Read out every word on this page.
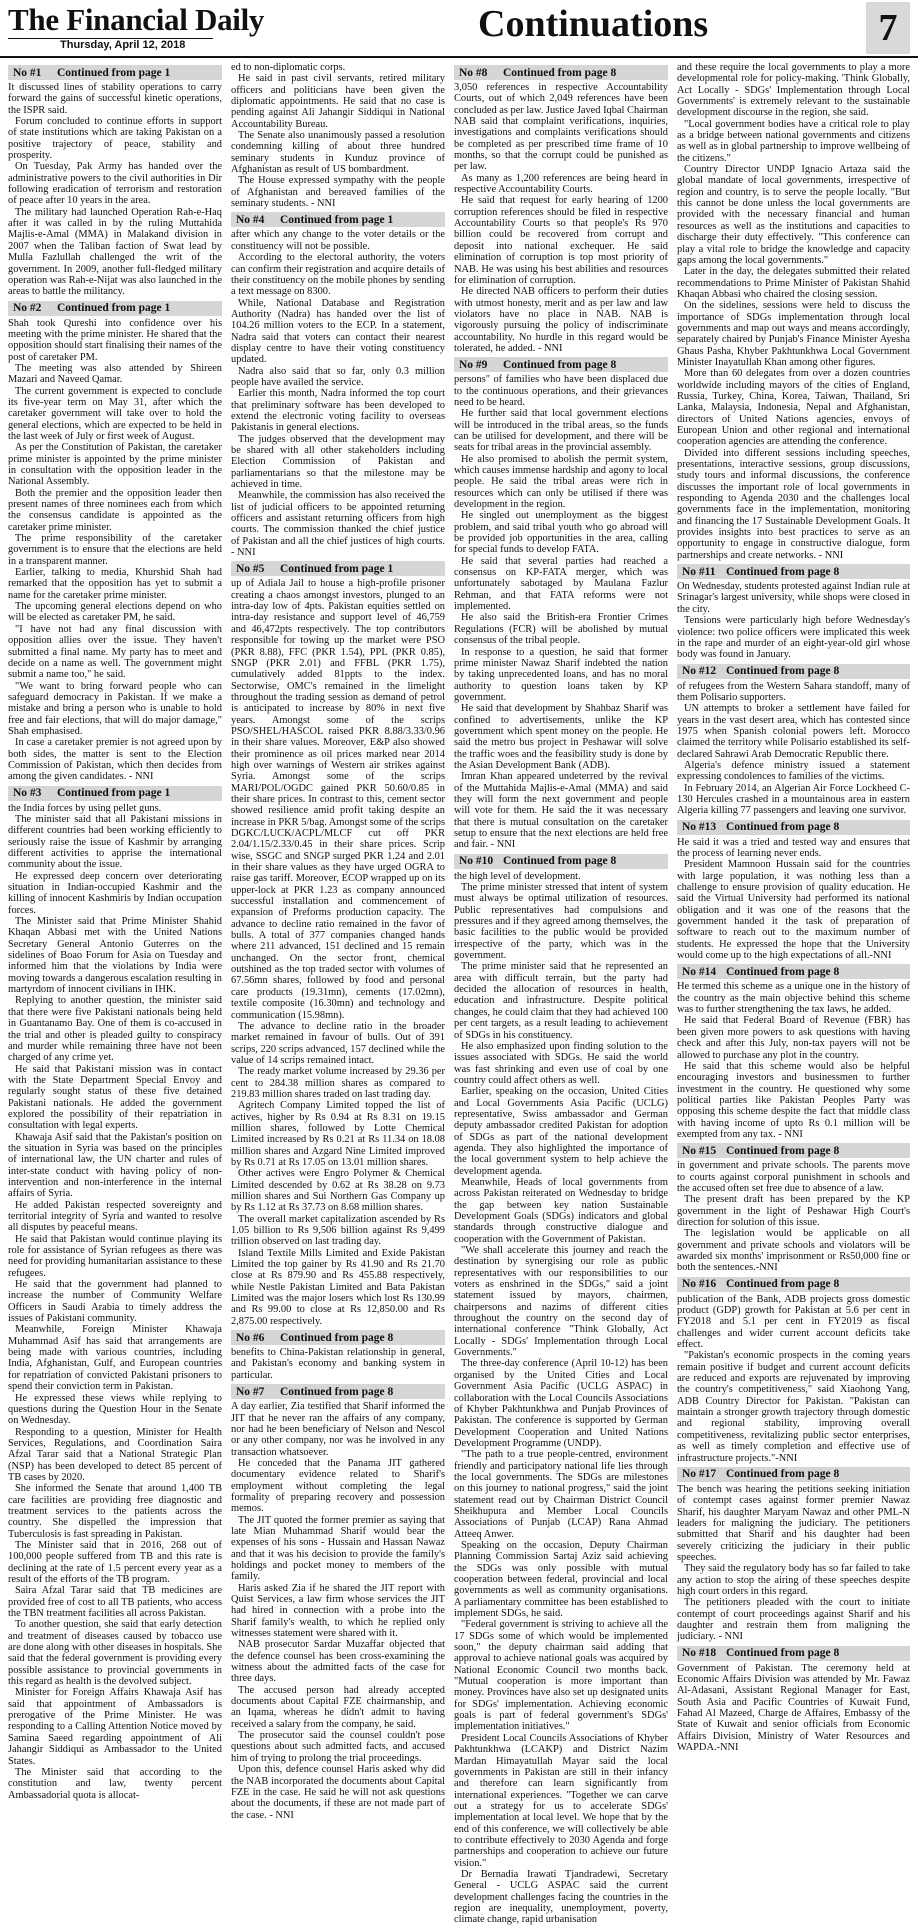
The Financial Daily
Thursday, April 12, 2018	Continuations	7
No #1	Continued from page 1

It discussed lines of stability operations to carry forward the gains of successful kinetic operations, the ISPR said.

Forum concluded to continue efforts in support of state institutions which are taking Pakistan on a positive trajectory of peace, stability and prosperity.

On Tuesday, Pak Army has handed over the administrative powers to the civil authorities in Dir following eradication of terrorism and restoration of peace after 10 years in the area.

The military had launched Operation Rah-e-Haq after it was called in by the ruling Muttahida Majlis-e-Amal (MMA) in Malakand division in 2007 when the Taliban faction of Swat lead by Mulla Fazlullah challenged the writ of the government. In 2009, another full-fledged military operation was Rah-e-Nijat was also launched in the areas to battle the militancy.

No #2	Continued from page 1

Shah took Qureshi into confidence over his meeting with the prime minister. He shared that the opposition should start finalising their names of the post of caretaker PM.

The meeting was also attended by Shireen Mazari and Naveed Qamar.

The current government is expected to conclude its five-year term on May 31, after which the caretaker government will take over to hold the general elections, which are expected to be held in the last week of July or first week of August.

As per the Constitution of Pakistan, the caretaker prime minister is appointed by the prime minister in consultation with the opposition leader in the National Assembly.

Both the premier and the opposition leader then present names of three nominees each from which the consensus candidate is appointed as the caretaker prime minister.

The prime responsibility of the caretaker government is to ensure that the elections are held in a transparent manner.

Earlier, talking to media, Khurshid Shah had remarked that the opposition has yet to submit a name for the caretaker prime minister.

The upcoming general elections depend on who will be elected as caretaker PM, he said.

"I have not had any final discussion with opposition allies over the issue. They haven't submitted a final name. My party has to meet and decide on a name as well. The government might submit a name too," he said.

"We want to bring forward people who can safeguard democracy in Pakistan. If we make a mistake and bring a person who is unable to hold free and fair elections, that will do major damage," Shah emphasised.

In case a caretaker premier is not agreed upon by both sides, the matter is sent to the Election Commission of Pakistan, which then decides from among the given candidates. - NNI

No #3	Continued from page 1

the India forces by using pellet guns.

The minister said that all Pakistani missions in different countries had been working efficiently to seriously raise the issue of Kashmir by arranging different activities to apprise the international community about the issue.

He expressed deep concern over deteriorating situation in Indian-occupied Kashmir and the killing of innocent Kashmiris by Indian occupation forces.

The Minister said that Prime Minister Shahid Khaqan Abbasi met with the United Nations Secretary General Antonio Guterres on the sidelines of Boao Forum for Asia on Tuesday and informed him that the violations by India were moving towards a dangerous escalation resulting in martyrdom of innocent civilians in IHK.

Replying to another question, the minister said that there were five Pakistani nationals being held in Guantanamo Bay. One of them is co-accused in the trial and other is pleaded guilty to conspiracy and murder while remaining three have not been charged of any crime yet.

He said that Pakistani mission was in contact with the State Department Special Envoy and regularly sought status of these five detained Pakistani nationals. He added the government explored the possibility of their repatriation in consultation with legal experts.

Khawaja Asif said that the Pakistan's position on the situation in Syria was based on the principles of international law, the UN charter and rules of inter-state conduct with having policy of non-intervention and non-interference in the internal affairs of Syria.

He added Pakistan respected sovereignty and territorial integrity of Syria and wanted to resolve all disputes by peaceful means.

He said that Pakistan would continue playing its role for assistance of Syrian refugees as there was need for providing humanitarian assistance to these refugees.

He said that the government had planned to increase the number of Community Welfare Officers in Saudi Arabia to timely address the issues of Pakistani community.

Meanwhile, Foreign Minister Khawaja Muhammad Asif has said that arrangements are being made with various countries, including India, Afghanistan, Gulf, and European countries for repatriation of convicted Pakistani prisoners to spend their conviction term in Pakistan.

He expressed these views while replying to questions during the Question Hour in the Senate on Wednesday.

Responding to a question, Minister for Health Services, Regulations, and Coordination Saira Afzal Tarar said that a National Strategic Plan (NSP) has been developed to detect 85 percent of TB cases by 2020.

She informed the Senate that around 1,400 TB care facilities are providing free diagnostic and treatment services to the patients across the country. She dispelled the impression that Tuberculosis is fast spreading in Pakistan.

The Minister said that in 2016, 268 out of 100,000 people suffered from TB and this rate is declining at the rate of 1.5 percent every year as a result of the efforts of the TB program.

Saira Afzal Tarar said that TB medicines are provided free of cost to all TB patients, who access the TBN treatment facilities all across Pakistan.

To another question, she said that early detection and treatment of diseases caused by tobacco use are done along with other diseases in hospitals. She said that the federal government is providing every possible assistance to provincial governments in this regard as health is the devolved subject.

Minister for Foreign Affairs Khawaja Asif has said that appointment of Ambassadors is prerogative of the Prime Minister. He was responding to a Calling Attention Notice moved by Samina Saeed regarding appointment of Ali Jahangir Siddiqui as Ambassador to the United States.

The Minister said that according to the constitution and law, twenty percent Ambassadorial quota is allocat-

ed to non-diplomatic corps.

He said in past civil servants, retired military officers and politicians have been given the diplomatic appointments. He said that no case is pending against Ali Jahangir Siddiqui in National Accountability Bureau.

The Senate also unanimously passed a resolution condemning killing of about three hundred seminary students in Kunduz province of Afghanistan as result of US bombardment.

The House expressed sympathy with the people of Afghanistan and bereaved families of the seminary students. - NNI

No #4	Continued from page 1

after which any change to the voter details or the constituency will not be possible.

According to the electoral authority, the voters can confirm their registration and acquire details of their constituency on the mobile phones by sending a text message on 8300.

While, National Database and Registration Authority (Nadra) has handed over the list of 104.26 million voters to the ECP. In a statement, Nadra said that voters can contact their nearest display centre to have their voting constituency updated.

Nadra also said that so far, only 0.3 million people have availed the service.

Earlier this month, Nadra informed the top court that preliminary software has been developed to extend the electronic voting facility to overseas Pakistanis in general elections.

The judges observed that the development may be shared with all other stakeholders including Election Commission of Pakistan and parliamentarians so that the milestone may be achieved in time.

Meanwhile, the commission has also received the list of judicial officers to be appointed returning officers and assistant returning officers from high courts. The commission thanked the chief justice of Pakistan and all the chief justices of high courts. - NNI

No #5	Continued from page 1

up of Adiala Jail to house a high-profile prisoner creating a chaos amongst investors, plunged to an intra-day low of 4pts. Pakistan equities settled on intra-day resistance and support level of 46,759 and 46,472pts respectively. The top contributors responsible for towing up the market were PSO (PKR 8.88), FFC (PKR 1.54), PPL (PKR 0.85), SNGP (PKR 2.01) and FFBL (PKR 1.75), cumulatively added 81ppts to the index. Sectorwise, OMC's remained in the limelight throughout the trading session as demand of petrol is anticipated to increase by 80% in next five years. Amongst some of the scrips PSO/SHEL/HASCOL raised PKR 8.88/3.33/0.96 in their share values. Moreover, E&P also showed their prominence as oil prices marked near 2014 high over warnings of Western air strikes against Syria. Amongst some of the scrips MARI/POL/OGDC gained PKR 50.60/0.85 in their share prices. In contrast to this, cement sector showed resilience amid profit taking despite an increase in PKR 5/bag. Amongst some of the scrips DGKC/LUCK/ACPL/MLCF cut off PKR 2.04/1.15/2.33/0.45 in their share prices. Scrip wise, SSGC and SNGP surged PKR 1.24 and 2.01 in their share values as they have urged OGRA to raise gas tariff. Moreover, ECOP wrapped up on its upper-lock at PKR 1.23 as company announced successful installation and commencement of expansion of Preforms production capacity. The advance to decline ratio remained in the favor of bulls. A total of 377 companies changed hands where 211 advanced, 151 declined and 15 remain unchanged. On the sector front, chemical outshined as the top traded sector with volumes of 67.56mn shares, followed by food and personal care products (19.31mn), cements (17.02mn), textile composite (16.30mn) and technology and communication (15.98mn).

The advance to decline ratio in the broader market remained in favour of bulls. Out of 391 scrips, 220 scrips advanced, 157 declined while the value of 14 scrips remained intact.

The ready market volume increased by 29.36 per cent to 284.38 million shares as compared to 219.83 million shares traded on last trading day.

Agritech Company Limited topped the list of actives, higher by Rs 0.94 at Rs 8.31 on 19.15 million shares, followed by Lotte Chemical Limited increased by Rs 0.21 at Rs 11.34 on 18.08 million shares and Azgard Nine Limited improved by Rs 0.71 at Rs 17.05 on 13.01 million shares.

Other actives were Engro Polymer & Chemical Limited descended by 0.62 at Rs 38.28 on 9.73 million shares and Sui Northern Gas Company up by Rs 1.12 at Rs 37.73 on 8.68 million shares.

The overall market capitalization ascended by Rs 1.05 billion to Rs 9,506 billion against Rs 9,499 trillion observed on last trading day.

Island Textile Mills Limited and Exide Pakistan Limited the top gainer by Rs 41.90 and Rs 21.70 close at Rs 879.90 and Rs 455.88 respectively, while Nestle Pakistan Limited and Bata Pakistan Limited was the major losers which lost Rs 130.99 and Rs 99.00 to close at Rs 12,850.00 and Rs 2,875.00 respectively.

No #6	Continued from page 8

benefits to China-Pakistan relationship in general, and Pakistan's economy and banking system in particular.

No #7	Continued from page 8

A day earlier, Zia testified that Sharif informed the JIT that he never ran the affairs of any company, nor had he been beneficiary of Nelson and Nescol or any other company, nor was he involved in any transaction whatsoever.

He conceded that the Panama JIT gathered documentary evidence related to Sharif's employment without completing the legal formality of preparing recovery and possession memos.

The JIT quoted the former premier as saying that late Mian Muhammad Sharif would bear the expenses of his sons - Hussain and Hassan Nawaz and that it was his decision to provide the family's holdings and pocket money to members of the family.

Haris asked Zia if he shared the JIT report with Quist Services, a law firm whose services the JIT had hired in connection with a probe into the Sharif family's wealth, to which he replied only witnesses statement were shared with it.

NAB prosecutor Sardar Muzaffar objected that the defence counsel has been cross-examining the witness about the admitted facts of the case for three days.

The accused person had already accepted documents about Capital FZE chairmanship, and an Iqama, whereas he didn't admit to having received a salary from the company, he said.

The prosecutor said the counsel couldn't pose questions about such admitted facts, and accused him of trying to prolong the trial proceedings.

Upon this, defence counsel Haris asked why did the NAB incorporated the documents about Capital FZE in the case. He said he will not ask questions about the documents, if these are not made part of the case. - NNI

No #8	Continued from page 8

3,050 references in respective Accountability Courts, out of which 2,049 references have been concluded as per law. Justice Javed Iqbal Chairman NAB said that complaint verifications, inquiries, investigations and complaints verifications should be completed as per prescribed time frame of 10 months, so that the corrupt could be punished as per law.

As many as 1,200 references are being heard in respective Accountability Courts.

He said that request for early hearing of 1200 corruption references should be filed in respective Accountability Courts so that people's Rs 970 billion could be recovered from corrupt and deposit into national exchequer. He said elimination of corruption is top most priority of NAB. He was using his best abilities and resources for elimination of corruption.

He directed NAB officers to perform their duties with utmost honesty, merit and as per law and law violators have no place in NAB. NAB is vigorously pursuing the policy of indiscriminate accountability. No hurdle in this regard would be tolerated, he added. - NNI

No #9	Continued from page 8

persons" of families who have been displaced due to the continuous operations, and their grievances need to be heard.

He further said that local government elections will be introduced in the tribal areas, so the funds can be utilised for development, and there will be seats for tribal areas in the provincial assembly.

He also promised to abolish the permit system, which causes immense hardship and agony to local people. He said the tribal areas were rich in resources which can only be utilised if there was development in the region.

He singled out unemployment as the biggest problem, and said tribal youth who go abroad will be provided job opportunities in the area, calling for special funds to develop FATA.

He said that several parties had reached a consensus on KP-FATA merger, which was unfortunately sabotaged by Maulana Fazlur Rehman, and that FATA reforms were not implemented.

He also said the British-era Frontier Crimes Regulations (FCR) will be abolished by mutual consensus of the tribal people.

In response to a question, he said that former prime minister Nawaz Sharif indebted the nation by taking unprecedented loans, and has no moral authority to question loans taken by KP government.

He said that development by Shahbaz Sharif was confined to advertisements, unlike the KP government which spent money on the people. He said the metro bus project in Peshawar will solve the traffic woes and the feasibility study is done by the Asian Development Bank (ADB).

Imran Khan appeared undeterred by the revival of the Muttahida Majlis-e-Amal (MMA) and said they will form the next government and people will vote for them. He said the it was necessary that there is mutual consultation on the caretaker setup to ensure that the next elections are held free and fair. - NNI

No #10 Continued from page 8

the high level of development.

The prime minister stressed that intent of system must always be optimal utilization of resources. Public representatives had compulsions and pressures and if they agreed among themselves, the basic facilities to the public would be provided irrespective of the party, which was in the government.

The prime minister said that he represented an area with difficult terrain, but the party had decided the allocation of resources in health, education and infrastructure. Despite political changes, he could claim that they had achieved 100 per cent targets, as a result leading to achievement of SDGs in his constituency.

He also emphasized upon finding solution to the issues associated with SDGs. He said the world was fast shrinking and even use of coal by one country could affect others as well.

Earlier, speaking on the occasion, United Cities and Local Governments Asia Pacific (UCLG) representative, Swiss ambassador and German deputy ambassador credited Pakistan for adoption of SDGs as part of the national development agenda. They also highlighted the importance of the local government system to help achieve the development agenda.

Meanwhile, Heads of local governments from across Pakistan reiterated on Wednesday to bridge the gap between key nation Sustainable Development Goals (SDGs) indicators and global standards through constructive dialogue and cooperation with the Government of Pakistan.

"We shall accelerate this journey and reach the destination by synergising our role as public representatives with our responsibilities to our voters as enshrined in the SDGs," said a joint statement issued by mayors, chairmen, chairpersons and nazims of different cities throughout the country on the second day of international conference "Think Globally, Act Locally - SDGs' Implementation through Local Governments."

The three-day conference (April 10-12) has been organised by the United Cities and Local Government Asia Pacific (UCLG ASPAC) in collaboration with the Local Councils Associations of Khyber Pakhtunkhwa and Punjab Provinces of Pakistan. The conference is supported by German Development Cooperation and United Nations Development Programme (UNDP).

"The path to a true people-centred, environment friendly and participatory national life lies through the local governments. The SDGs are milestones on this journey to national progress," said the joint statement read out by Chairman District Council Sheikhupura and Member Local Councils Associations of Punjab (LCAP) Rana Ahmad Atteeq Anwer.

Speaking on the occasion, Deputy Chairman Planning Commission Sartaj Aziz said achieving the SDGs was only possible with mutual cooperation between federal, provincial and local governments as well as community organisations. A parliamentary committee has been established to implement SDGs, he said.

"Federal government is striving to achieve all the 17 SDGs some of which would be implemented soon," the deputy chairman said adding that approval to achieve national goals was acquired by National Economic Council two months back. "Mutual cooperation is more important than money. Provinces have also set up designated units for SDGs' implementation. Achieving economic goals is part of federal government's SDGs' implementation initiatives."

President Local Councils Associations of Khyber Pakhtunkhwa (LCAKP) and District Nazim Mardan Himayatullah Mayar said the local governments in Pakistan are still in their infancy and therefore can learn significantly from international experiences. "Together we can carve out a strategy for us to accelerate SDGs' implementation at local level. We hope that by the end of this conference, we will collectively be able to contribute effectively to 2030 Agenda and forge partnerships and cooperation to achieve our future vision."

Dr Bernadia Irawati Tjandradewi, Secretary General - UCLG ASPAC said the current development challenges facing the countries in the region are inequality, unemployment, poverty, climate change, rapid urbanisation

and these require the local governments to play a more developmental role for policy-making. 'Think Globally, Act Locally - SDGs' Implementation through Local Governments' is extremely relevant to the sustainable development discourse in the region, she said.

"Local government bodies have a critical role to play as a bridge between national governments and citizens as well as in global partnership to improve wellbeing of the citizens."

Country Director UNDP Ignacio Artaza said the global mandate of local governments, irrespective of region and country, is to serve the people locally. "But this cannot be done unless the local governments are provided with the necessary financial and human resources as well as the institutions and capacities to discharge their duty effectively. "This conference can play a vital role to bridge the knowledge and capacity gaps among the local governments."

Later in the day, the delegates submitted their related recommendations to Prime Minister of Pakistan Shahid Khaqan Abbasi who chaired the closing session.

On the sidelines, sessions were held to discuss the importance of SDGs implementation through local governments and map out ways and means accordingly, separately chaired by Punjab's Finance Minister Ayesha Ghaus Pasha, Khyber Pakhtunkhwa Local Government Minister Inayatullah Khan among other figures.

More than 60 delegates from over a dozen countries worldwide including mayors of the cities of England, Russia, Turkey, China, Korea, Taiwan, Thailand, Sri Lanka, Malaysia, Indonesia, Nepal and Afghanistan, directors of United Nations agencies, envoys of European Union and other regional and international cooperation agencies are attending the conference.

Divided into different sessions including speeches, presentations, interactive sessions, group discussions, study tours and informal discussions, the conference discusses the important role of local governments in responding to Agenda 2030 and the challenges local governments face in the implementation, monitoring and financing the 17 Sustainable Development Goals. It provides insights into best practices to serve as an opportunity to engage in constructive dialogue, form partnerships and create networks. - NNI

No #11 Continued from page 8

On Wednesday, students protested against Indian rule at Srinagar's largest university, while shops were closed in the city.

Tensions were particularly high before Wednesday's violence: two police officers were implicated this week in the rape and murder of an eight-year-old girl whose body was found in January.

No #12 Continued from page 8

of refugees from the Western Sahara standoff, many of them Polisario supporters.

UN attempts to broker a settlement have failed for years in the vast desert area, which has contested since 1975 when Spanish colonial powers left. Morocco claimed the territory while Polisario established its self-declared Sahrawi Arab Democratic Republic there.

Algeria's defence ministry issued a statement expressing condolences to families of the victims.

In February 2014, an Algerian Air Force Lockheed C-130 Hercules crashed in a mountainous area in eastern Algeria killing 77 passengers and leaving one survivor.

No #13 Continued from page 8

He said it was a tried and tested way and ensures that the process of learning never ends.

President Mamnoon Hussain said for the countries with large population, it was nothing less than a challenge to ensure provision of quality education. He said the Virtual University had performed its national obligation and it was one of the reasons that the government handed it the task of preparation of software to reach out to the maximum number of students. He expressed the hope that the University would come up to the high expectations of all.-NNI

No #14 Continued from page 8

He termed this scheme as a unique one in the history of the country as the main objective behind this scheme was to further strengthening the tax laws, he added.

He said that Federal Board of Revenue (FBR) has been given more powers to ask questions with having check and after this July, non-tax payers will not be allowed to purchase any plot in the country.

He said that this scheme would also be helpful encouraging investors and businessmen to further investment in the country. He questioned why some political parties like Pakistan Peoples Party was opposing this scheme despite the fact that middle class with having income of upto Rs 0.1 million will be exempted from any tax. - NNI

No #15 Continued from page 8

in government and private schools. The parents move to courts against corporal punishment in schools and the accused often set free due to absence of a law.

The present draft has been prepared by the KP government in the light of Peshawar High Court's direction for solution of this issue.

The legislation would be applicable on all government and private schools and violators will be awarded six months' imprisonment or Rs50,000 fine or both the sentences.-NNI

No #16 Continued from page 8

publication of the Bank, ADB projects gross domestic product (GDP) growth for Pakistan at 5.6 per cent in FY2018 and 5.1 per cent in FY2019 as fiscal challenges and wider current account deficits take effect.

"Pakistan's economic prospects in the coming years remain positive if budget and current account deficits are reduced and exports are rejuvenated by improving the country's competitiveness," said Xiaohong Yang, ADB Country Director for Pakistan. "Pakistan can maintain a stronger growth trajectory through domestic and regional stability, improving overall competitiveness, revitalizing public sector enterprises, as well as timely completion and effective use of infrastructure projects."-NNI

No #17 Continued from page 8

The bench was hearing the petitions seeking initiation of contempt cases against former premier Nawaz Sharif, his daughter Maryam Nawaz and other PML-N leaders for maligning the judiciary. The petitioners submitted that Sharif and his daughter had been severely criticizing the judiciary in their public speeches.

They said the regulatory body has so far failed to take any action to stop the airing of these speeches despite high court orders in this regard.

The petitioners pleaded with the court to initiate contempt of court proceedings against Sharif and his daughter and restrain them from maligning the judiciary. - NNI

No #18 Continued from page 8

Government of Pakistan. The ceremony held at Economic Affairs Division was attended by Mr. Fawaz Al-Adasani, Assistant Regional Manager for East, South Asia and Pacific Countries of Kuwait Fund, Fahad Al Mazeed, Charge de Affaires, Embassy of the State of Kuwait and senior officials from Economic Affairs Division, Ministry of Water Resources and WAPDA.-NNI
